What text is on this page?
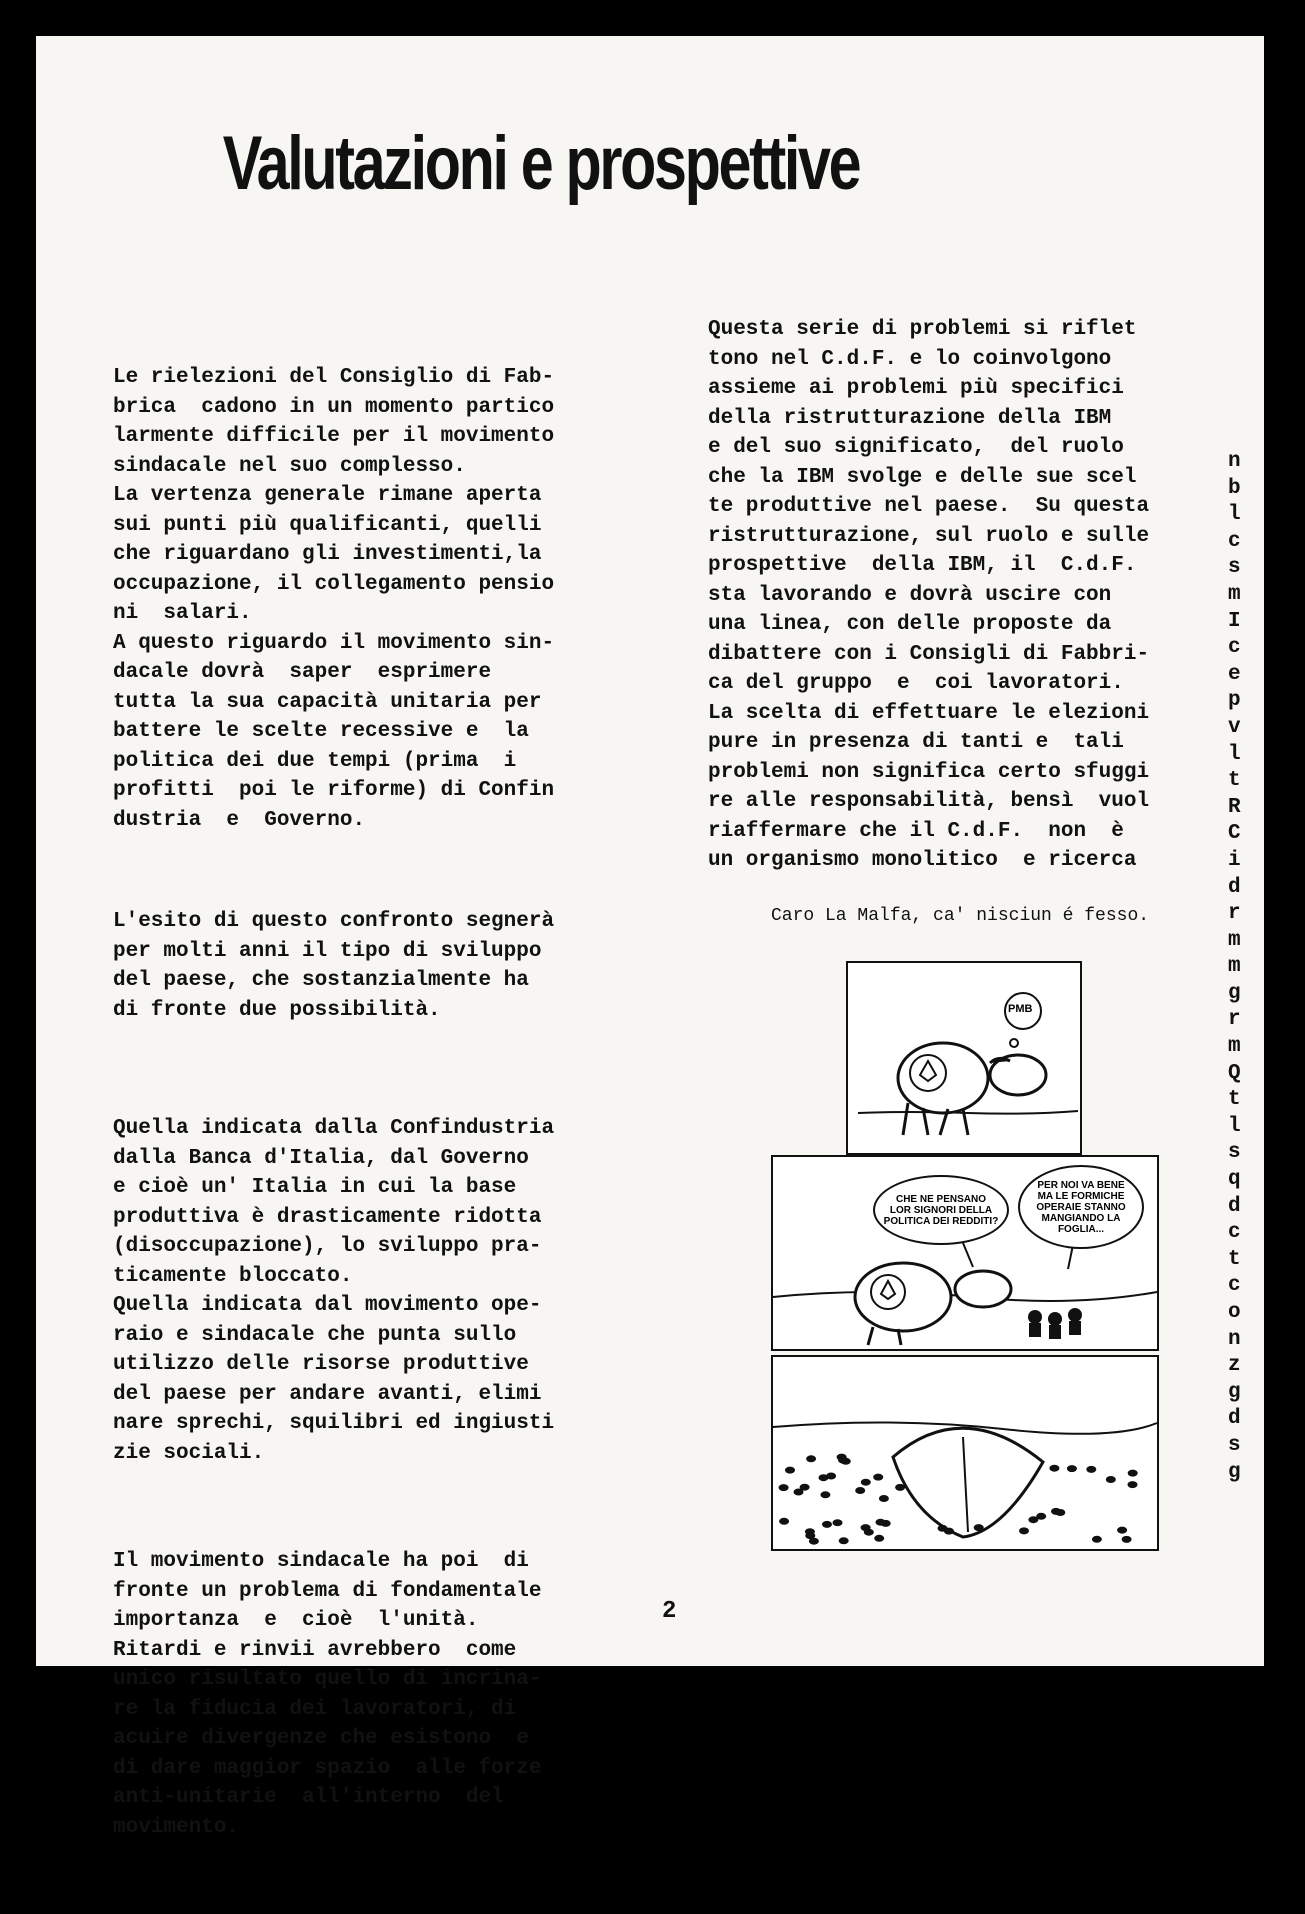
Valutazioni e prospettive

Le rielezioni del Consiglio di Fab-
brica  cadono in un momento partico
larmente difficile per il movimento
sindacale nel suo complesso.
La vertenza generale rimane aperta
sui punti più qualificanti, quelli
che riguardano gli investimenti,la
occupazione, il collegamento pensio
ni  salari.
A questo riguardo il movimento sin-
dacale dovrà  saper  esprimere
tutta la sua capacità unitaria per
battere le scelte recessive e  la
politica dei due tempi (prima  i
profitti  poi le riforme) di Confin
dustria  e  Governo.

L'esito di questo confronto segnerà
per molti anni il tipo di sviluppo
del paese, che sostanzialmente ha
di fronte due possibilità.

Quella indicata dalla Confindustria
dalla Banca d'Italia, dal Governo
e cioè un' Italia in cui la base
produttiva è drasticamente ridotta
(disoccupazione), lo sviluppo pra-
ticamente bloccato.
Quella indicata dal movimento ope-
raio e sindacale che punta sullo
utilizzo delle risorse produttive
del paese per andare avanti, elimi
nare sprechi, squilibri ed ingiusti
zie sociali.

Il movimento sindacale ha poi  di
fronte un problema di fondamentale
importanza  e  cioè  l'unità.
Ritardi e rinvii avrebbero  come
unico risultato quello di incrina-
re la fiducia dei lavoratori, di
acuire divergenze che esistono  e
di dare maggior spazio  alle forze
anti-unitarie  all'interno  del
movimento.

Questa serie di problemi si riflet
tono nel C.d.F. e lo coinvolgono
assieme ai problemi più specifici
della ristrutturazione della IBM
e del suo significato,  del ruolo
che la IBM svolge e delle sue scel
te produttive nel paese.  Su questa
ristrutturazione, sul ruolo e sulle
prospettive  della IBM, il  C.d.F.
sta lavorando e dovrà uscire con
una linea, con delle proposte da
dibattere con i Consigli di Fabbri-
ca del gruppo  e  coi lavoratori.
La scelta di effettuare le elezioni
pure in presenza di tanti e  tali
problemi non significa certo sfuggi
re alle responsabilità, bensì  vuol
riaffermare che il C.d.F.  non  è
un organismo monolitico  e ricerca

n
b
l
c
s
m
I
c
e
p
v
l
t
R
C
i
d
r
m
m
g
r
m
Q
t
l
s
q
d
c
t
c
o
n
z
g
d
s
g
Caro La Malfa, ca' nisciun é fesso.
PMB
CHE NE PENSANO
LOR SIGNORI DELLA
POLITICA DEI REDDITI?
PER NOI VA BENE
MA LE FORMICHE
OPERAIE STANNO
MANGIANDO LA
FOGLIA...
2
